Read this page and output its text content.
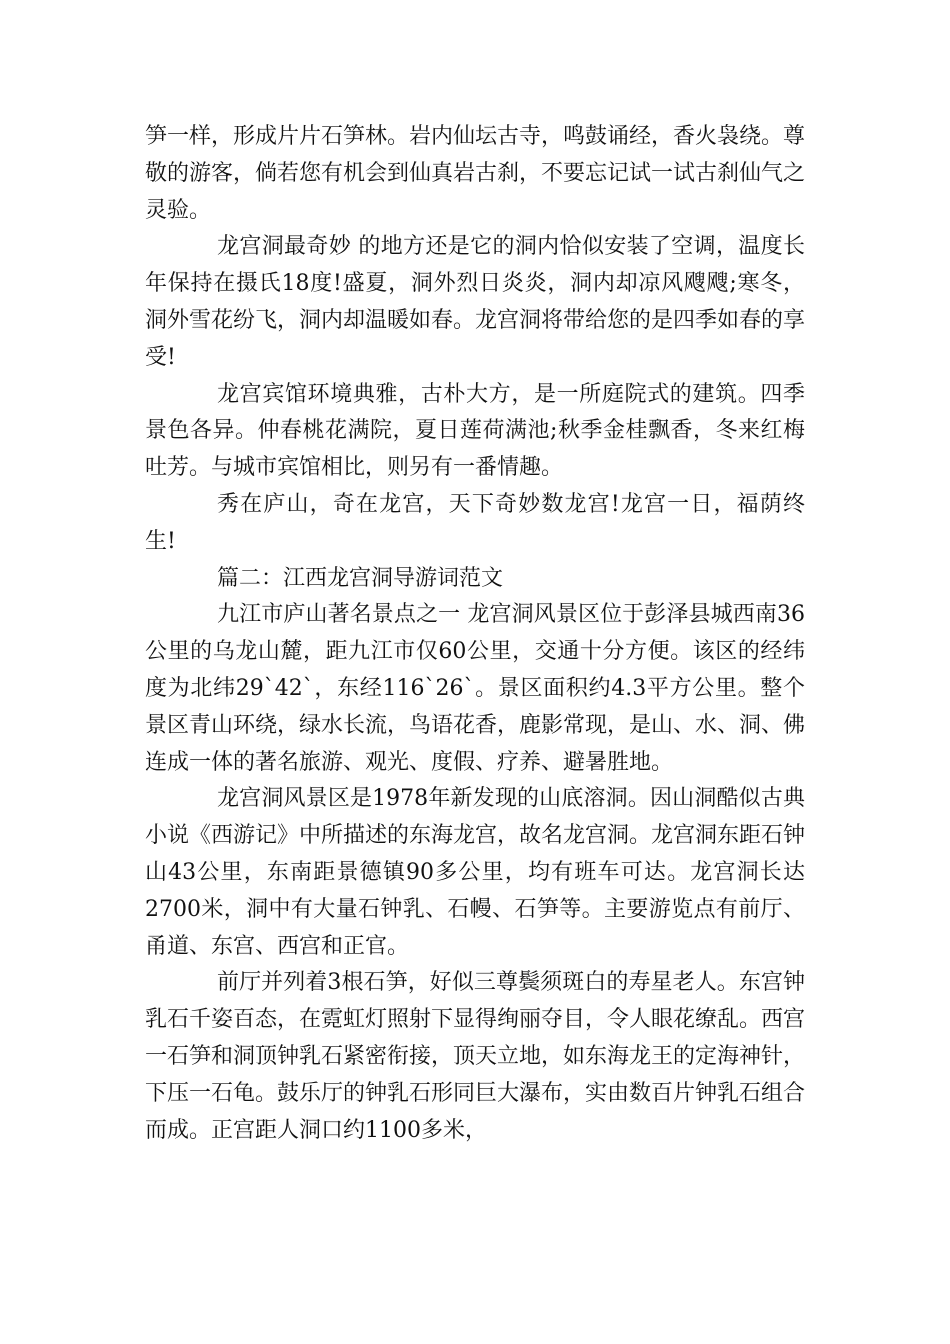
笋一样，形成片片石笋林。岩内仙坛古寺，鸣鼓诵经，香火袅绕。尊敬的游客，倘若您有机会到仙真岩古刹，不要忘记试一试古刹仙气之灵验。

龙宫洞最奇妙 的地方还是它的洞内恰似安装了空调，温度长年保持在摄氏18度!盛夏，洞外烈日炎炎，洞内却凉风飕飕;寒冬，洞外雪花纷飞，洞内却温暖如春。龙宫洞将带给您的是四季如春的享受!

龙宫宾馆环境典雅，古朴大方，是一所庭院式的建筑。四季景色各异。仲春桃花满院，夏日莲荷满池;秋季金桂飘香，冬来红梅吐芳。与城市宾馆相比，则另有一番情趣。

秀在庐山，奇在龙宫，天下奇妙数龙宫!龙宫一日，福荫终生!

篇二：江西龙宫洞导游词范文

九江市庐山著名景点之一 龙宫洞风景区位于彭泽县城西南36公里的乌龙山麓，距九江市仅60公里，交通十分方便。该区的经纬度为北纬29`42`，东经116`26`。景区面积约4.3平方公里。整个景区青山环绕，绿水长流，鸟语花香，鹿影常现，是山、水、洞、佛连成一体的著名旅游、观光、度假、疗养、避暑胜地。

龙宫洞风景区是1978年新发现的山底溶洞。因山洞酷似古典小说《西游记》中所描述的东海龙宫，故名龙宫洞。龙宫洞东距石钟山43公里，东南距景德镇90多公里，均有班车可达。龙宫洞长达2700米，洞中有大量石钟乳、石幔、石笋等。主要游览点有前厅、甬道、东宫、西宫和正官。

前厅并列着3根石笋，好似三尊鬓须斑白的寿星老人。东宫钟乳石千姿百态，在霓虹灯照射下显得绚丽夺目，令人眼花缭乱。西宫一石笋和洞顶钟乳石紧密衔接，顶天立地，如东海龙王的定海神针，下压一石龟。鼓乐厅的钟乳石形同巨大瀑布，实由数百片钟乳石组合而成。正宫距人洞口约1100多米，
